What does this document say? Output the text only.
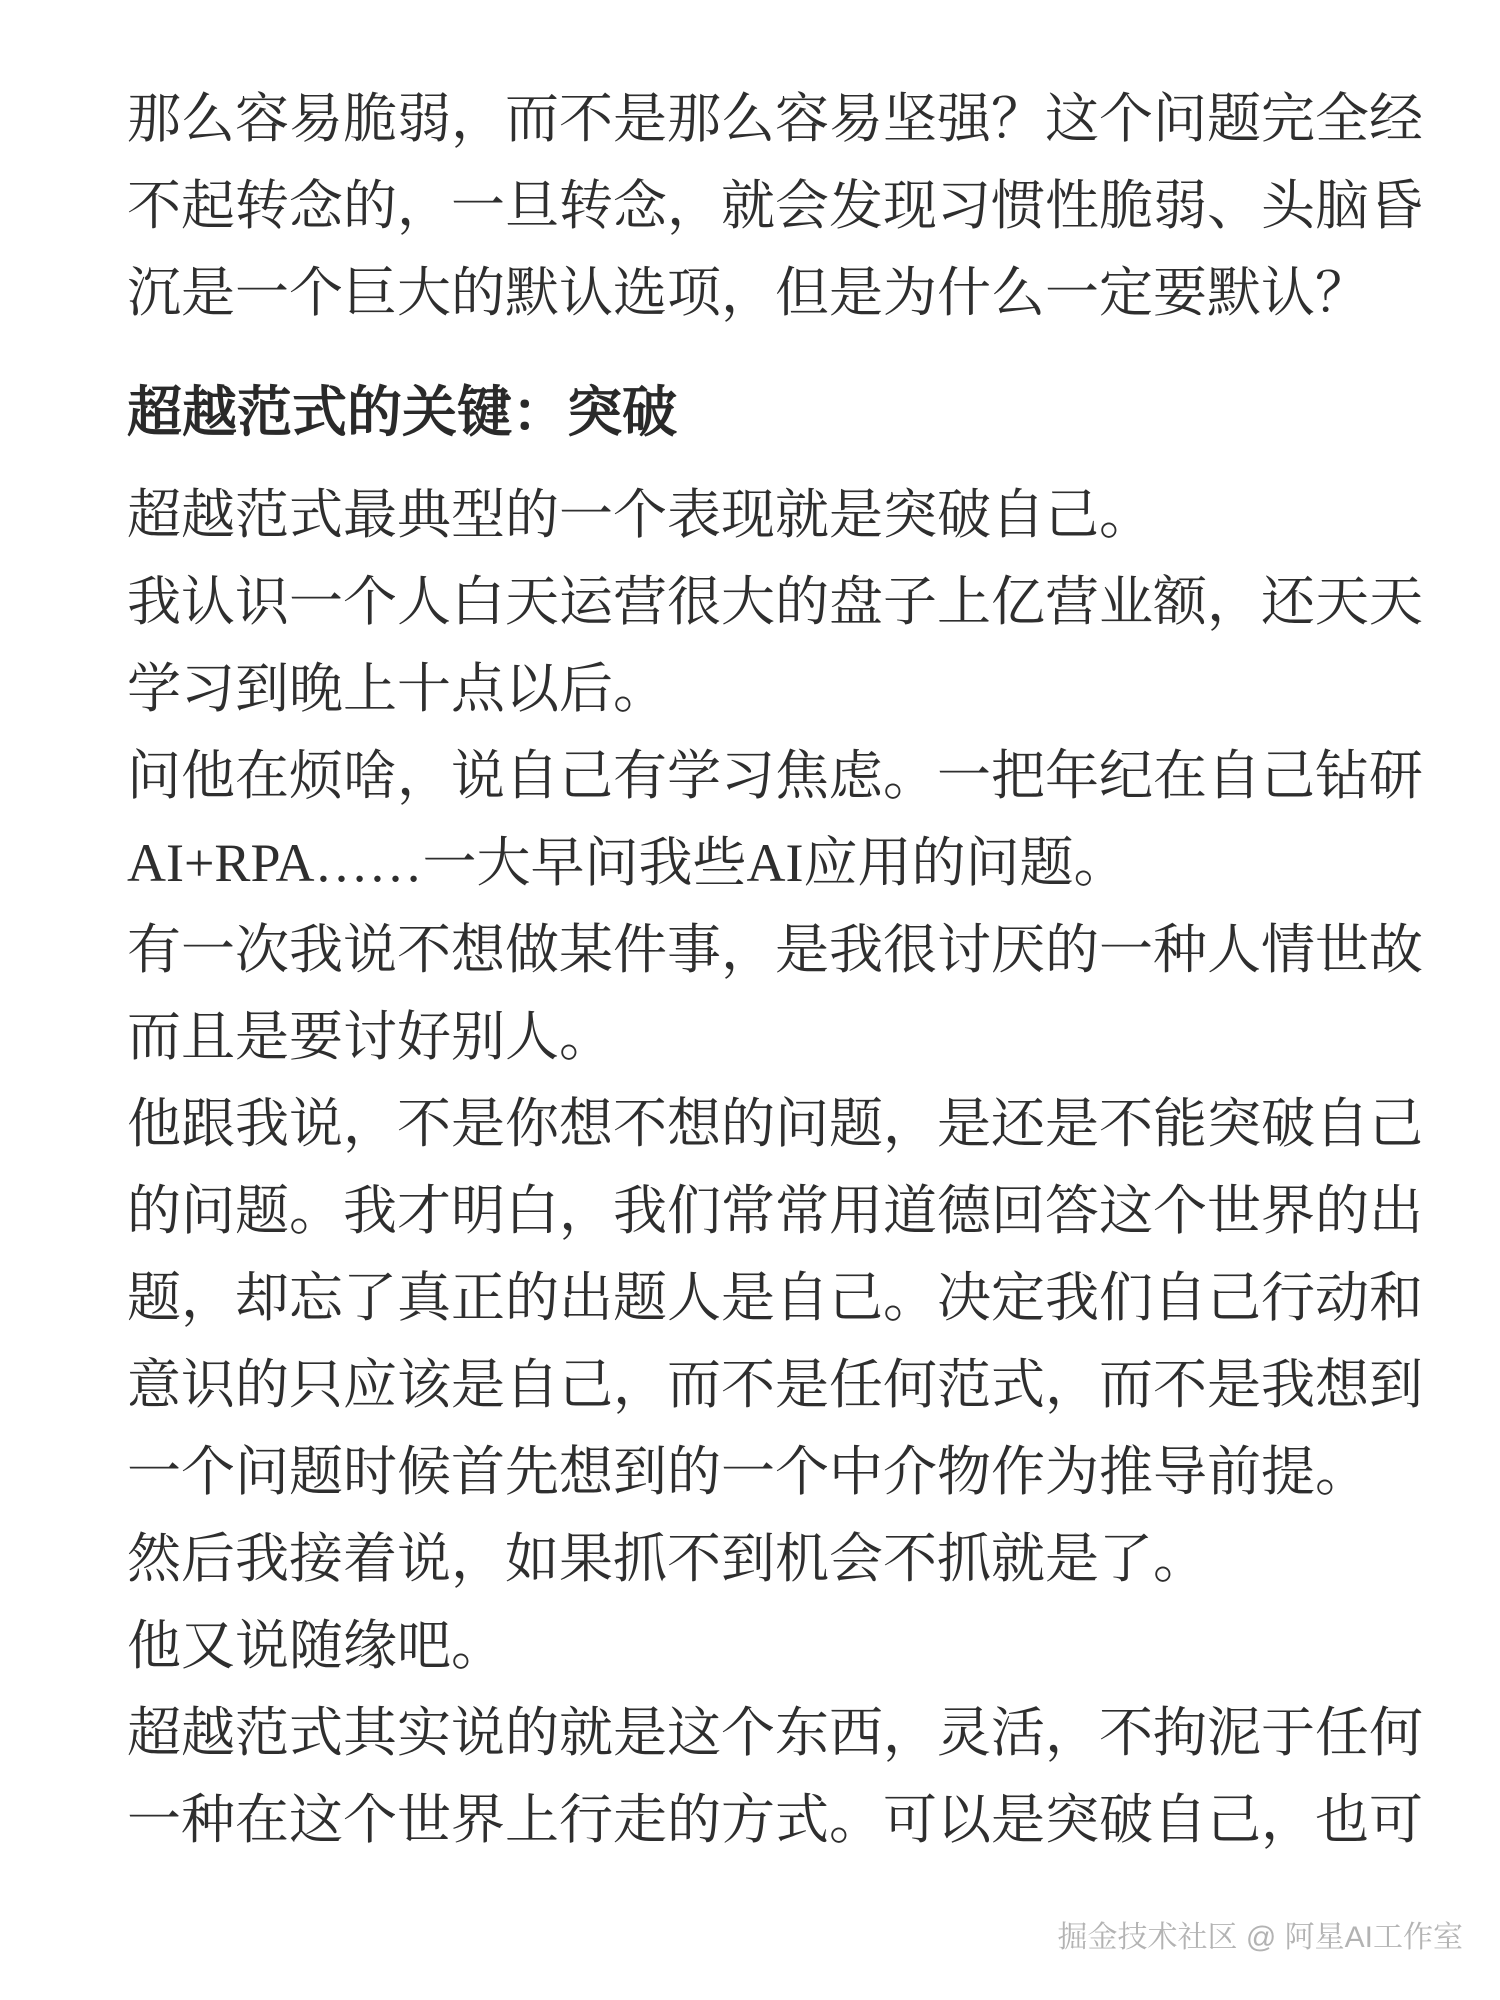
那么容易脆弱，而不是那么容易坚强？这个问题完全经不起转念的，一旦转念，就会发现习惯性脆弱、头脑昏沉是一个巨大的默认选项，但是为什么一定要默认？

超越范式的关键：突破

超越范式最典型的一个表现就是突破自己。

我认识一个人白天运营很大的盘子上亿营业额，还天天学习到晚上十点以后。

问他在烦啥，说自己有学习焦虑。一把年纪在自己钻研AI+RPA……一大早问我些AI应用的问题。

有一次我说不想做某件事，是我很讨厌的一种人情世故而且是要讨好别人。

他跟我说，不是你想不想的问题，是还是不能突破自己的问题。我才明白，我们常常用道德回答这个世界的出题，却忘了真正的出题人是自己。决定我们自己行动和意识的只应该是自己，而不是任何范式，而不是我想到一个问题时候首先想到的一个中介物作为推导前提。

然后我接着说，如果抓不到机会不抓就是了。

他又说随缘吧。

超越范式其实说的就是这个东西，灵活，不拘泥于任何一种在这个世界上行走的方式。可以是突破自己，也可

掘金技术社区 @ 阿星AI工作室
